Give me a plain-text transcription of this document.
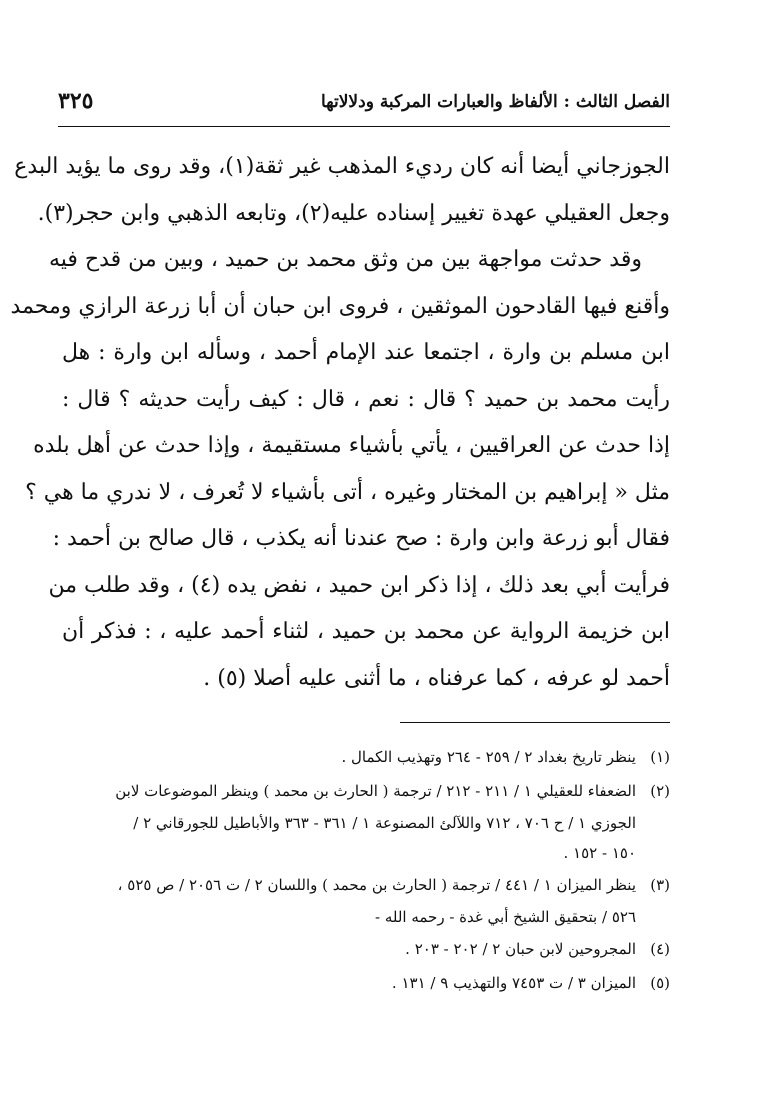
الفصل الثالث : الألفاظ والعبارات المركبة ودلالاتها
٣٢٥
الجوزجاني أيضا أنه كان رديء المذهب غير ثقة(١)، وقد روى ما يؤيد البدع
وجعل العقيلي عهدة تغيير إسناده عليه(٢)، وتابعه الذهبي وابن حجر(٣).
وقد حدثت مواجهة بين من وثق محمد بن حميد ، وبين من قدح فيه
وأقنع فيها القادحون الموثقين ، فروى ابن حبان أن أبا زرعة الرازي ومحمد
ابن مسلم بن وارة ، اجتمعا عند الإمام أحمد ، وسأله ابن وارة : هل
رأيت محمد بن حميد ؟ قال : نعم ، قال : كيف رأيت حديثه ؟ قال :
إذا حدث عن العراقيين ، يأتي بأشياء مستقيمة ، وإذا حدث عن أهل بلده
مثل « إبراهيم بن المختار وغيره ، أتى بأشياء لا تُعرف ، لا ندري ما هي ؟
فقال أبو زرعة وابن وارة : صح عندنا أنه يكذب ، قال صالح بن أحمد :
فرأيت أبي بعد ذلك ، إذا ذكر ابن حميد ، نفض يده (٤) ، وقد طلب من
ابن خزيمة الرواية عن محمد بن حميد ، لثناء أحمد عليه ، : فذكر أن
أحمد لو عرفه ، كما عرفناه ، ما أثنى عليه أصلا (٥) .
(١)
ينظر تاريخ بغداد ٢ / ٢٥٩ - ٢٦٤ وتهذيب الكمال .
(٢)
الضعفاء للعقيلي ١ / ٢١١ - ٢١٢ / ترجمة ( الحارث بن محمد ) وينظر الموضوعات لابن
الجوزي ١ / ح ٧٠٦ ، ٧١٢ واللآلئ المصنوعة ١ / ٣٦١ - ٣٦٣ والأباطيل للجورقاني ٢ /
١٥٠ - ١٥٢ .
(٣)
ينظر الميزان ١ / ٤٤١ / ترجمة ( الحارث بن محمد ) واللسان ٢ / ت ٢٠٥٦ / ص ٥٢٥ ،
٥٢٦ / بتحقيق الشيخ أبي غدة - رحمه الله -
(٤)
المجروحين لابن حبان ٢ / ٢٠٢ - ٢٠٣ .
(٥)
الميزان ٣ / ت ٧٤٥٣ والتهذيب ٩ / ١٣١ .
